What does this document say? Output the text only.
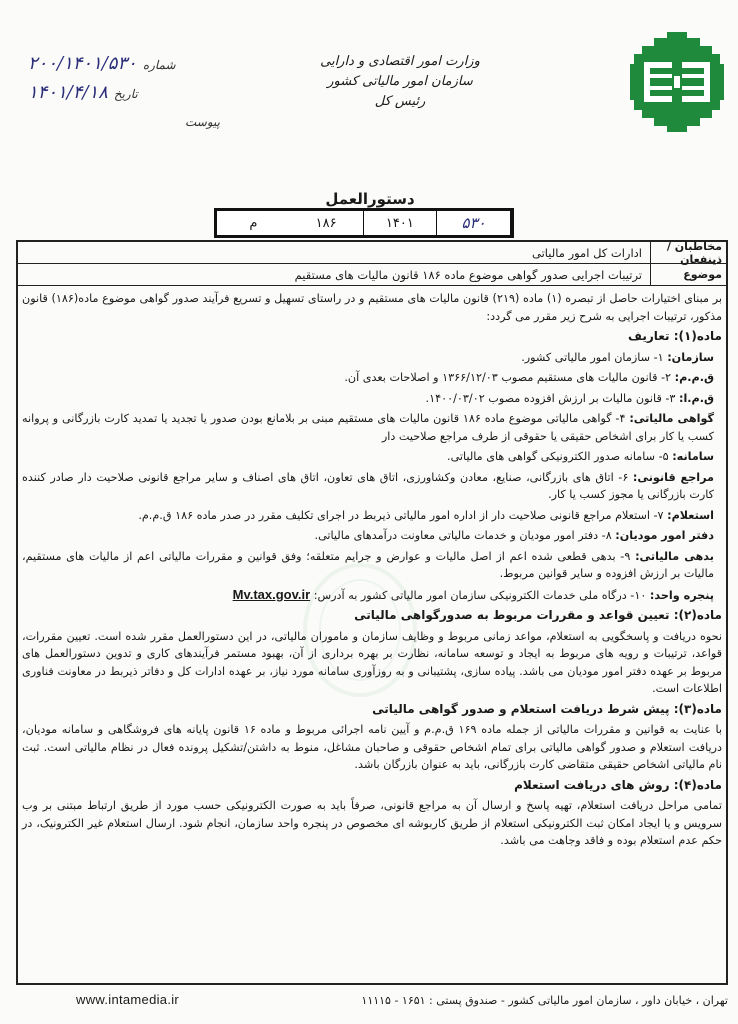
وزارت امور اقتصادی و دارایی
سازمان امور مالیاتی کشور
رئیس کل
شماره
۲۰۰/۱۴۰۱/۵۳۰
تاریخ
۱۴۰۱/۴/۱۸
پیوست
دستورالعمل
۵۳۰
۱۴۰۱
۱۸۶
م
مخاطبان / ذینفعان
ادارات کل امور مالیاتی
موضوع
ترتیبات اجرایی صدور گواهی موضوع ماده ۱۸۶ قانون مالیات های مستقیم

بر مبنای اختیارات حاصل از تبصره (۱) ماده (۲۱۹) قانون مالیات های مستقیم و در راستای تسهیل و تسریع فرآیند صدور گواهی موضوع ماده(۱۸۶) قانون مذکور، ترتیبات اجرایی به شرح زیر مقرر می گردد:

ماده(۱): تعاریف

سازمان: ۱- سازمان امور مالیاتی کشور.

ق.م.م: ۲- قانون مالیات های مستقیم مصوب ۱۳۶۶/۱۲/۰۳ و اصلاحات بعدی آن.

ق.م.ا: ۳- قانون مالیات بر ارزش افزوده مصوب ۱۴۰۰/۰۳/۰۲.

گواهی مالیاتی: ۴- گواهی مالیاتی موضوع ماده ۱۸۶ قانون مالیات های مستقیم مبنی بر بلامانع بودن صدور یا تجدید یا تمدید کارت بازرگانی و پروانه کسب یا کار برای اشخاص حقیقی یا حقوقی از طرف مراجع صلاحیت دار

سامانه: ۵- سامانه صدور الکترونیکی گواهی های مالیاتی.

مراجع قانونی: ۶- اتاق های بازرگانی، صنایع، معادن وکشاورزی، اتاق های تعاون، اتاق های اصناف و سایر مراجع قانونی صلاحیت دار صادر کننده کارت بازرگانی یا مجوز کسب یا کار.

استعلام: ۷- استعلام مراجع قانونی صلاحیت دار از اداره امور مالیاتی ذیربط در اجرای تکلیف مقرر در صدر ماده ۱۸۶ ق.م.م.

دفتر امور مودیان: ۸- دفتر امور مودیان و خدمات مالیاتی معاونت درآمدهای مالیاتی.

بدهی مالیاتی: ۹- بدهی قطعی شده اعم از اصل مالیات و عوارض و جرایم متعلقه؛ وفق قوانین و مقررات مالیاتی اعم از مالیات های مستقیم، مالیات بر ارزش افزوده و سایر قوانین مربوط.

پنجره واحد: ۱۰- درگاه ملی خدمات الکترونیکی سازمان امور مالیاتی کشور به آدرس: Mv.tax.gov.ir

ماده(۲): تعیین قواعد و مقررات مربوط به صدورگواهی مالیاتی

نحوه دریافت و پاسخگویی به استعلام، مواعد زمانی مربوط و وظایف سازمان و ماموران مالیاتی، در این دستورالعمل مقرر شده است. تعیین مقررات، قواعد، ترتیبات و رویه های مربوط به ایجاد و توسعه سامانه، نظارت بر بهره برداری از آن، بهبود مستمر فرآیندهای کاری و تدوین دستورالعمل های مربوط بر عهده دفتر امور مودیان می باشد. پیاده سازی، پشتیبانی و به روزآوری سامانه مورد نیاز، بر عهده ادارات کل و دفاتر ذیربط در معاونت فناوری اطلاعات است.

ماده(۳): پیش شرط دریافت استعلام و صدور گواهی مالیاتی

با عنایت به قوانین و مقررات مالیاتی از جمله ماده ۱۶۹ ق.م.م و آیین نامه اجرائی مربوط و ماده ۱۶ قانون پایانه های فروشگاهی و سامانه مودیان، دریافت استعلام و صدور گواهی مالیاتی برای تمام اشخاص حقوقی و صاحبان مشاغل، منوط به داشتن/تشکیل پرونده فعال در نظام مالیاتی است. ثبت نام مالیاتی اشخاص حقیقی متقاضی کارت بازرگانی، باید به عنوان بازرگان باشد.

ماده(۴): روش های دریافت استعلام

تمامی مراحل دریافت استعلام، تهیه پاسخ و ارسال آن به مراجع قانونی، صرفاً باید به صورت الکترونیکی حسب مورد از طریق ارتباط مبتنی بر وب سرویس و یا ایجاد امکان ثبت الکترونیکی استعلام از طریق کاربوشه ای مخصوص در پنجره واحد سازمان، انجام شود. ارسال استعلام غیر الکترونیک، در حکم عدم استعلام بوده و فاقد وجاهت می باشد.

www.intamedia.ir	تهران ، خیابان داور ، سازمان امور مالیاتی کشور - صندوق پستی : ۱۶۵۱ - ۱۱۱۱۵
